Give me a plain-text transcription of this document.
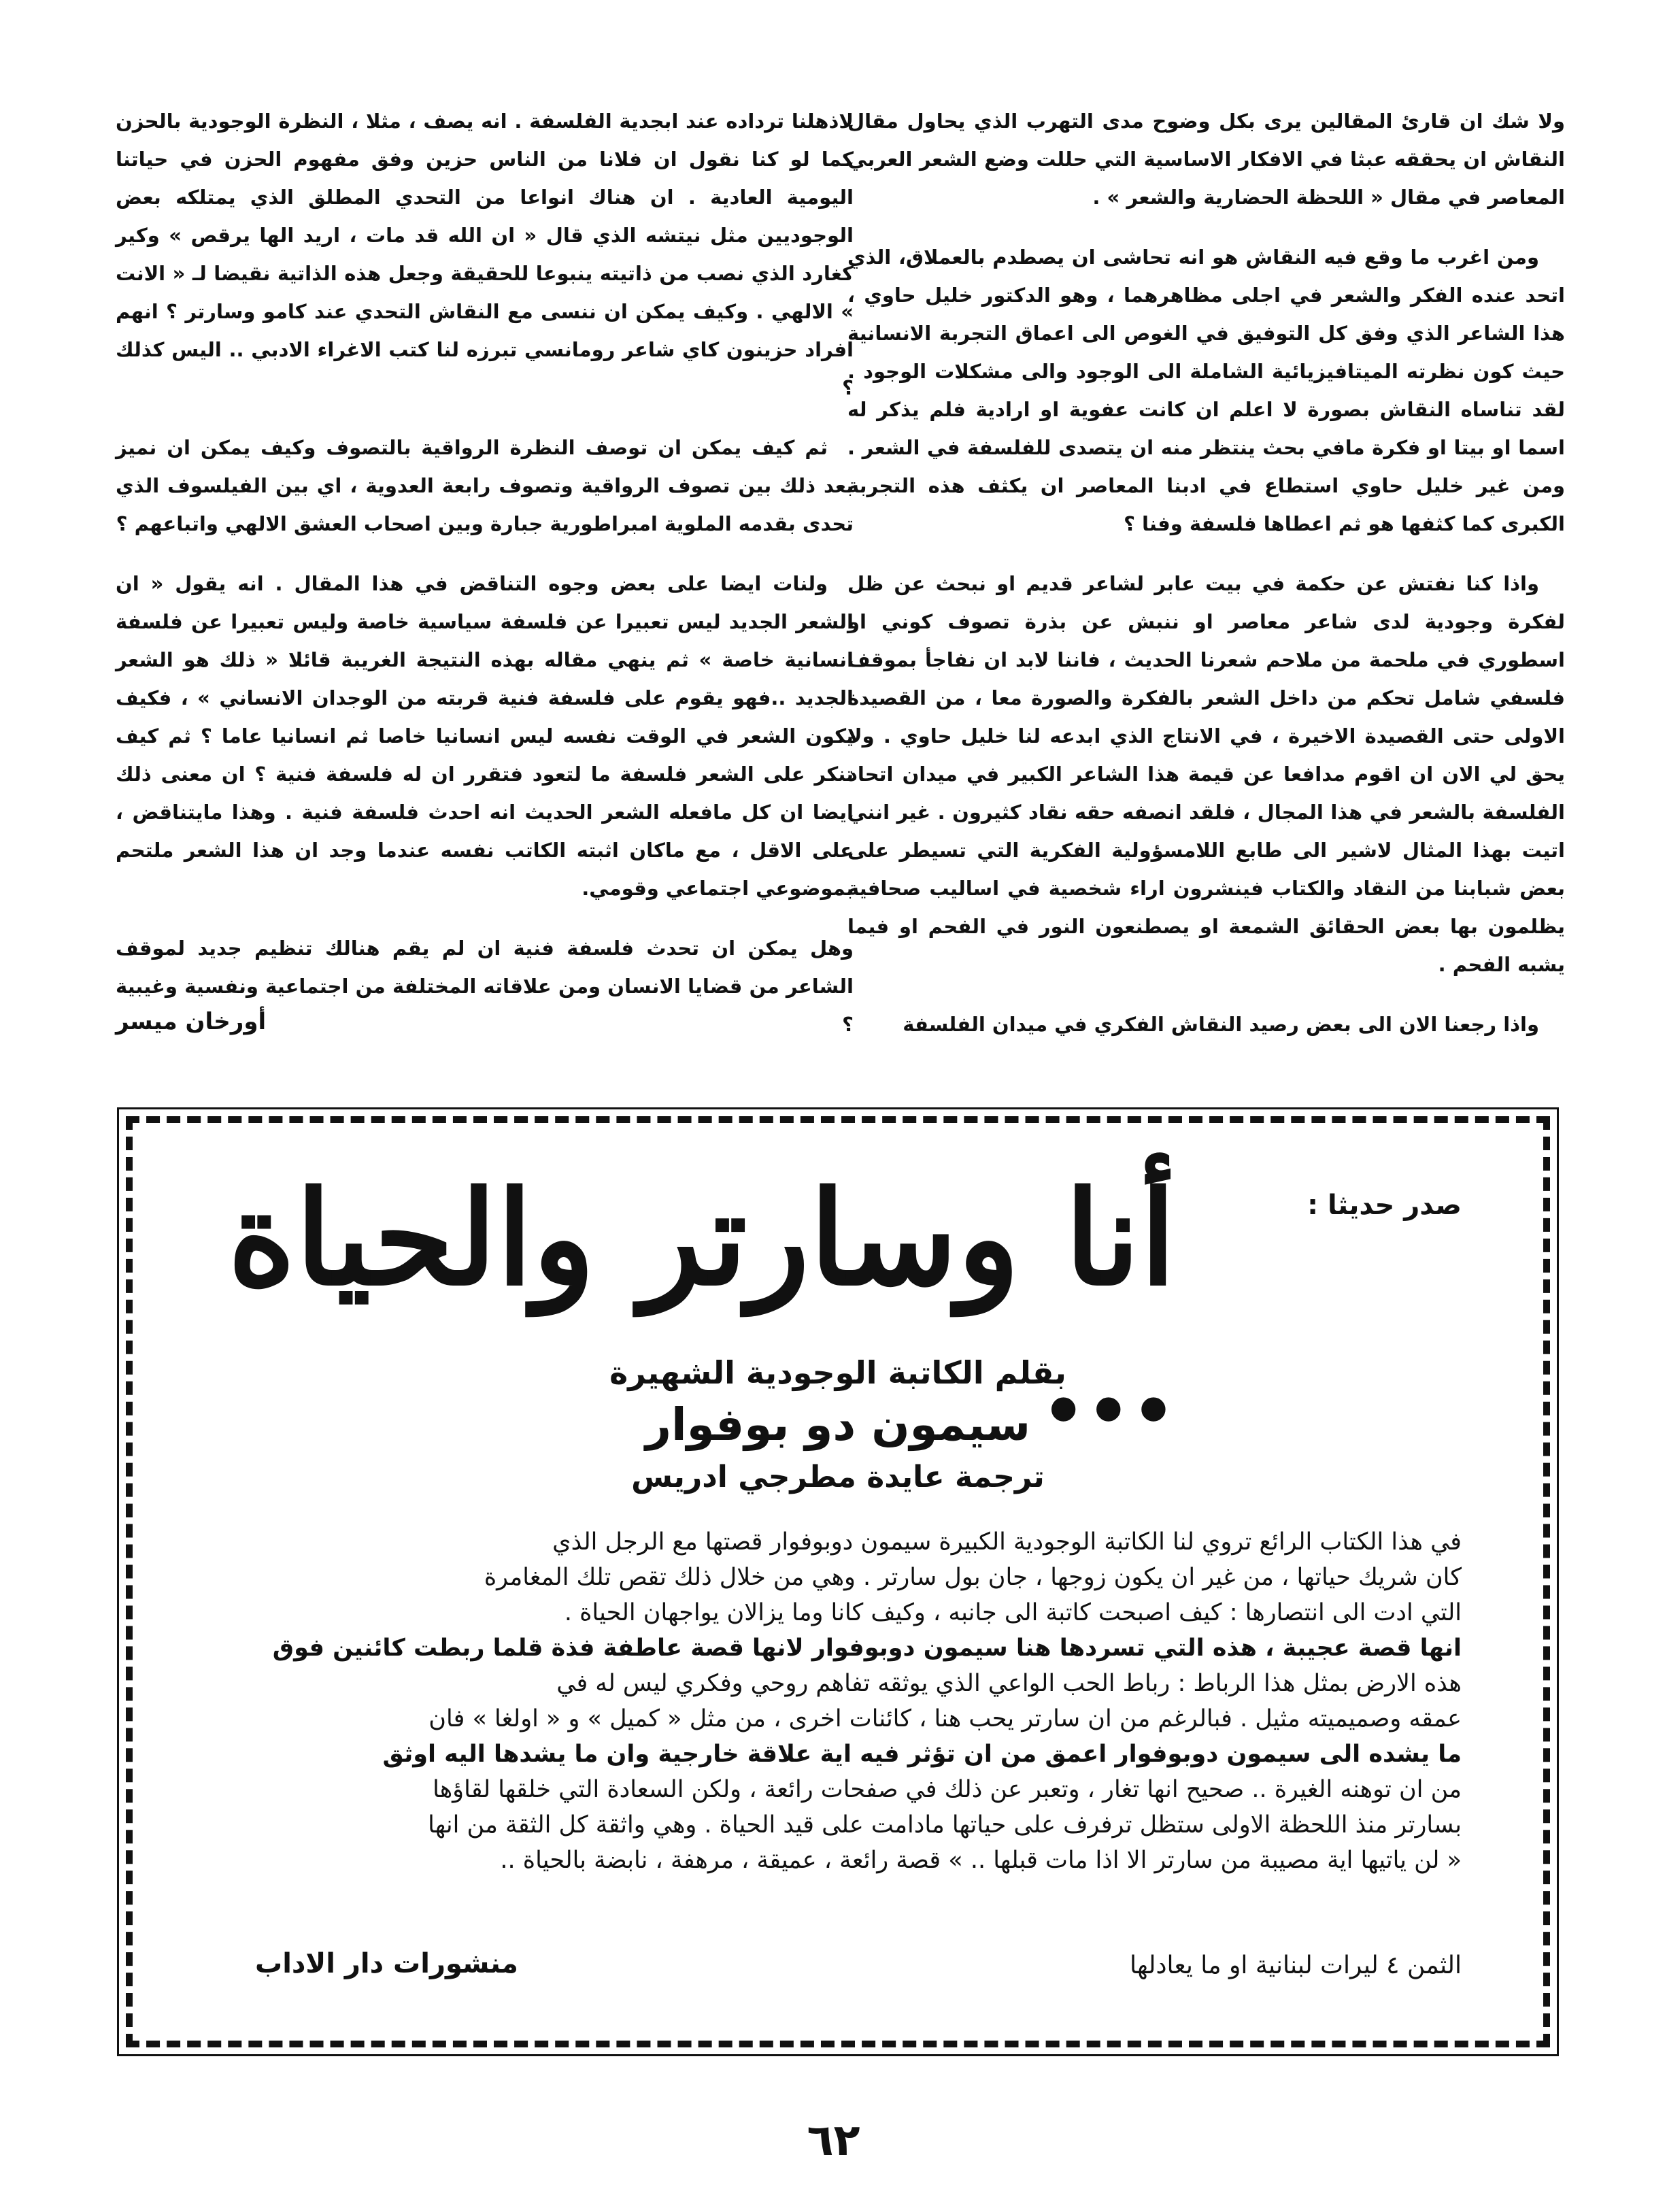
ولا شك ان قارئ المقالين يرى بكل وضوح مدى التهرب الذي يحاول مقال النقاش ان يحققه عبثا في الافكار الاساسية التي حللت وضع الشعر العربي المعاصر في مقال « اللحظة الحضارية والشعر » .

ومن اغرب ما وقع فيه النقاش هو انه تحاشى ان يصطدم بالعملاق، الذي اتحد عنده الفكر والشعر في اجلى مظاهرهما ، وهو الدكتور خليل حاوي ، هذا الشاعر الذي وفق كل التوفيق في الغوص الى اعماق التجربة الانسانية حيث كون نظرته الميتافيزيائية الشاملة الى الوجود والى مشكلات الوجود . لقد تناساه النقاش بصورة لا اعلم ان كانت عفوية او ارادية فلم يذكر له اسما او بيتا او فكرة مافي بحث ينتظر منه ان يتصدى للفلسفة في الشعر . ومن غير خليل حاوي استطاع في ادبنا المعاصر ان يكثف هذه التجربة الكبرى كما كثفها هو ثم اعطاها فلسفة وفنا ؟

واذا كنا نفتش عن حكمة في بيت عابر لشاعر قديم او نبحث عن ظل لفكرة وجودية لدى شاعر معاصر او ننبش عن بذرة تصوف كوني او اسطوري في ملحمة من ملاحم شعرنا الحديث ، فاننا لابد ان نفاجأ بموقف فلسفي شامل تحكم من داخل الشعر بالفكرة والصورة معا ، من القصيدة الاولى حتى القصيدة الاخيرة ، في الانتاج الذي ابدعه لنا خليل حاوي . ولا يحق لي الان ان اقوم مدافعا عن قيمة هذا الشاعر الكبير في ميدان اتحاد الفلسفة بالشعر في هذا المجال ، فلقد انصفه حقه نقاد كثيرون . غير انني اتيت بهذا المثال لاشير الى طابع اللامسؤولية الفكرية التي تسيطر على بعض شبابنا من النقاد والكتاب فينشرون اراء شخصية في اساليب صحافية يظلمون بها بعض الحقائق الشمعة او يصطنعون النور في الفحم او فيما يشبه الفحم .

واذا رجعنا الان الى بعض رصيد النقاش الفكري في ميدان الفلسفة

لاذهلنا ترداده عند ابجدية الفلسفة . انه يصف ، مثلا ، النظرة الوجودية بالحزن كما لو كنا نقول ان فلانا من الناس حزين وفق مفهوم الحزن في حياتنا اليومية العادية . ان هناك انواعا من التحدي المطلق الذي يمتلكه بعض الوجوديين مثل نيتشه الذي قال « ان الله قد مات ، اريد الها يرقص » وكير كغارد الذي نصب من ذاتيته ينبوعا للحقيقة وجعل هذه الذاتية نقيضا لـ « الانت » الالهي . وكيف يمكن ان ننسى مع النقاش التحدي عند كامو وسارتر ؟ انهم افراد حزينون كاي شاعر رومانسي تبرزه لنا كتب الاغراء الادبي .. اليس كذلك ؟

ثم كيف يمكن ان توصف النظرة الرواقية بالتصوف وكيف يمكن ان نميز بعد ذلك بين تصوف الرواقية وتصوف رابعة العدوية ، اي بين الفيلسوف الذي تحدى بقدمه الملوية امبراطورية جبارة وبين اصحاب العشق الالهي واتباعهم ؟

ولنات ايضا على بعض وجوه التناقض في هذا المقال . انه يقول « ان الشعر الجديد ليس تعبيرا عن فلسفة سياسية خاصة وليس تعبيرا عن فلسفة انسانية خاصة » ثم ينهي مقاله بهذه النتيجة الغريبة قائلا « ذلك هو الشعر الجديد ..فهو يقوم على فلسفة فنية قربته من الوجدان الانساني » ، فكيف يكون الشعر في الوقت نفسه ليس انسانيا خاصا ثم انسانيا عاما ؟ ثم كيف تنكر على الشعر فلسفة ما لتعود فتقرر ان له فلسفة فنية ؟ ان معنى ذلك ايضا ان كل مافعله الشعر الحديث انه احدث فلسفة فنية . وهذا مايتناقض ، على الاقل ، مع ماكان اثبته الكاتب نفسه عندما وجد ان هذا الشعر ملتحم بموضوعي اجتماعي وقومي.

وهل يمكن ان تحدث فلسفة فنية ان لم يقم هنالك تنظيم جديد لموقف الشاعر من قضايا الانسان ومن علاقاته المختلفة من اجتماعية ونفسية وغيبية ؟

أورخان ميسر
صدر حديثا :
أنا وسارتر والحياة ...
بقلم الكاتبة الوجودية الشهيرة
سيمون دو بوفوار
ترجمة عايدة مطرجي ادريس

في هذا الكتاب الرائع تروي لنا الكاتبة الوجودية الكبيرة سيمون دوبوفوار قصتها مع الرجل الذي

كان شريك حياتها ، من غير ان يكون زوجها ، جان بول سارتر . وهي من خلال ذلك تقص تلك المغامرة

التي ادت الى انتصارها : كيف اصبحت كاتبة الى جانبه ، وكيف كانا وما يزالان يواجهان الحياة .

انها قصة عجيبة ، هذه التي تسردها هنا سيمون دوبوفوار لانها قصة عاطفة فذة قلما ربطت كائنين فوق

هذه الارض بمثل هذا الرباط : رباط الحب الواعي الذي يوثقه تفاهم روحي وفكري ليس له في

عمقه وصميميته مثيل . فبالرغم من ان سارتر يحب هنا ، كائنات اخرى ، من مثل « كميل » و « اولغا » فان

ما يشده الى سيمون دوبوفوار اعمق من ان تؤثر فيه اية علاقة خارجية وان ما يشدها اليه اوثق

من ان توهنه الغيرة .. صحيح انها تغار ، وتعبر عن ذلك في صفحات رائعة ، ولكن السعادة التي خلقها لقاؤها

بسارتر منذ اللحظة الاولى ستظل ترفرف على حياتها مادامت على قيد الحياة . وهي واثقة كل الثقة من انها

« لن ياتيها اية مصيبة من سارتر الا اذا مات قبلها .. » قصة رائعة ، عميقة ، مرهفة ، نابضة بالحياة ..

الثمن ٤ ليرات لبنانية او ما يعادلها
منشورات دار الاداب
٦٢
